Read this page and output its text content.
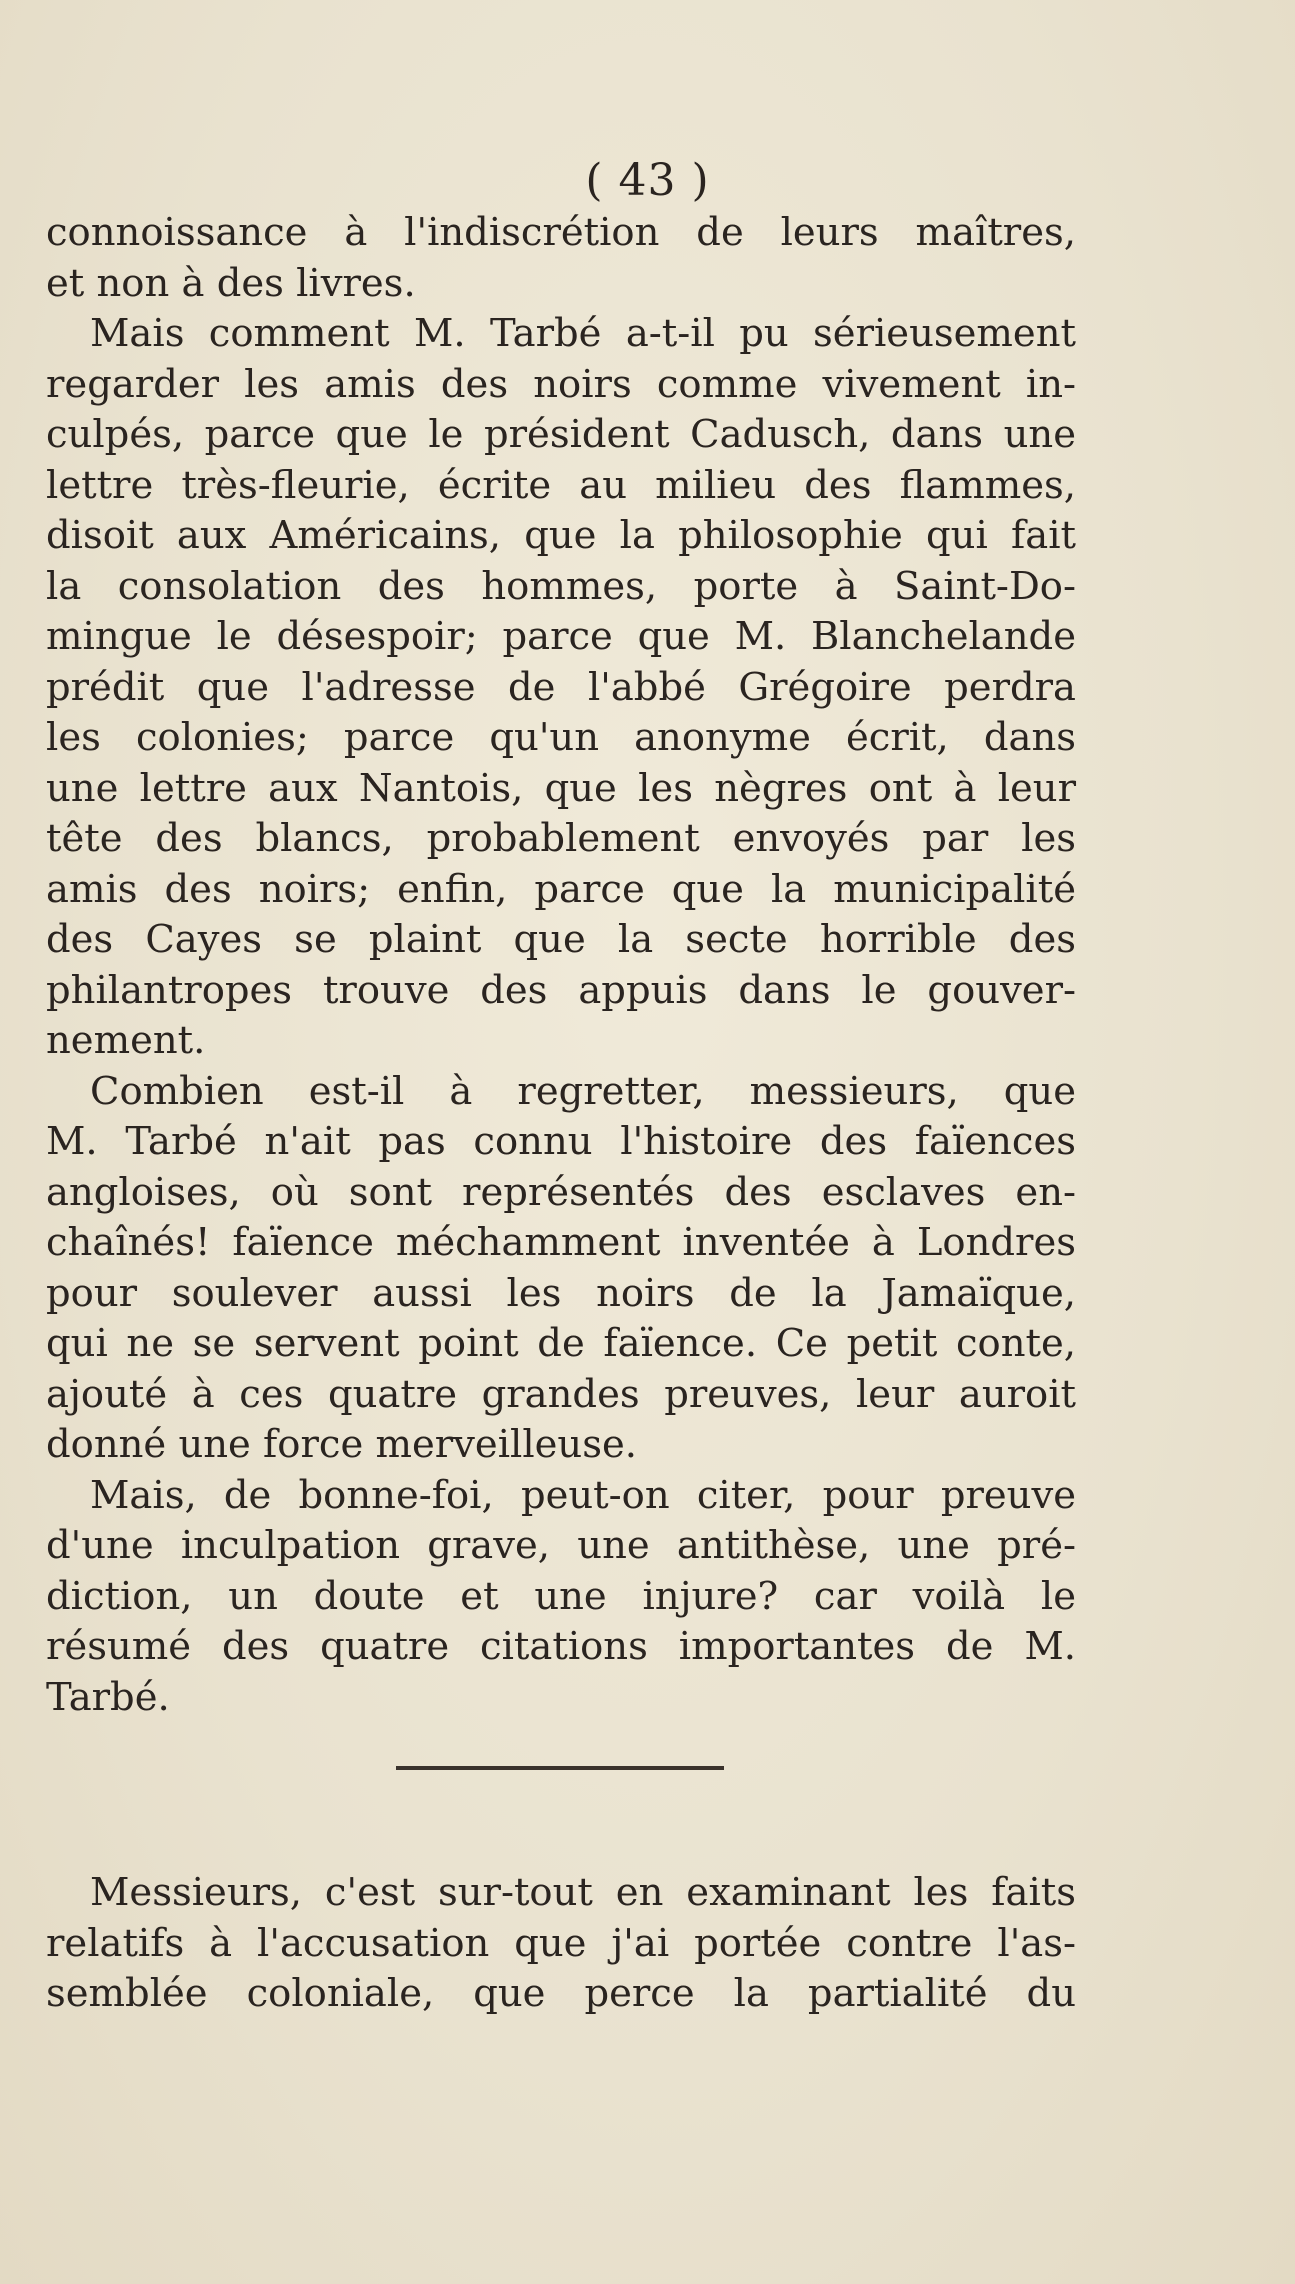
( 43 )
connoissance à l'indiscrétion de leurs maîtres,
et non à des livres.
Mais comment M. Tarbé a-t-il pu sérieusement
regarder les amis des noirs comme vivement in-
culpés, parce que le président Cadusch, dans une
lettre très-fleurie, écrite au milieu des flammes,
disoit aux Américains, que la philosophie qui fait
la consolation des hommes, porte à Saint-Do-
mingue le désespoir; parce que M. Blanchelande
prédit que l'adresse de l'abbé Grégoire perdra
les colonies; parce qu'un anonyme écrit, dans
une lettre aux Nantois, que les nègres ont à leur
tête des blancs, probablement envoyés par les
amis des noirs; enfin, parce que la municipalité
des Cayes se plaint que la secte horrible des
philantropes trouve des appuis dans le gouver-
nement.
Combien est-il à regretter, messieurs, que
M. Tarbé n'ait pas connu l'histoire des faïences
angloises, où sont représentés des esclaves en-
chaînés! faïence méchamment inventée à Londres
pour soulever aussi les noirs de la Jamaïque,
qui ne se servent point de faïence. Ce petit conte,
ajouté à ces quatre grandes preuves, leur auroit
donné une force merveilleuse.
Mais, de bonne-foi, peut-on citer, pour preuve
d'une inculpation grave, une antithèse, une pré-
diction, un doute et une injure? car voilà le
résumé des quatre citations importantes de M.
Tarbé.
Messieurs, c'est sur-tout en examinant les faits
relatifs à l'accusation que j'ai portée contre l'as-
semblée coloniale, que perce la partialité du
